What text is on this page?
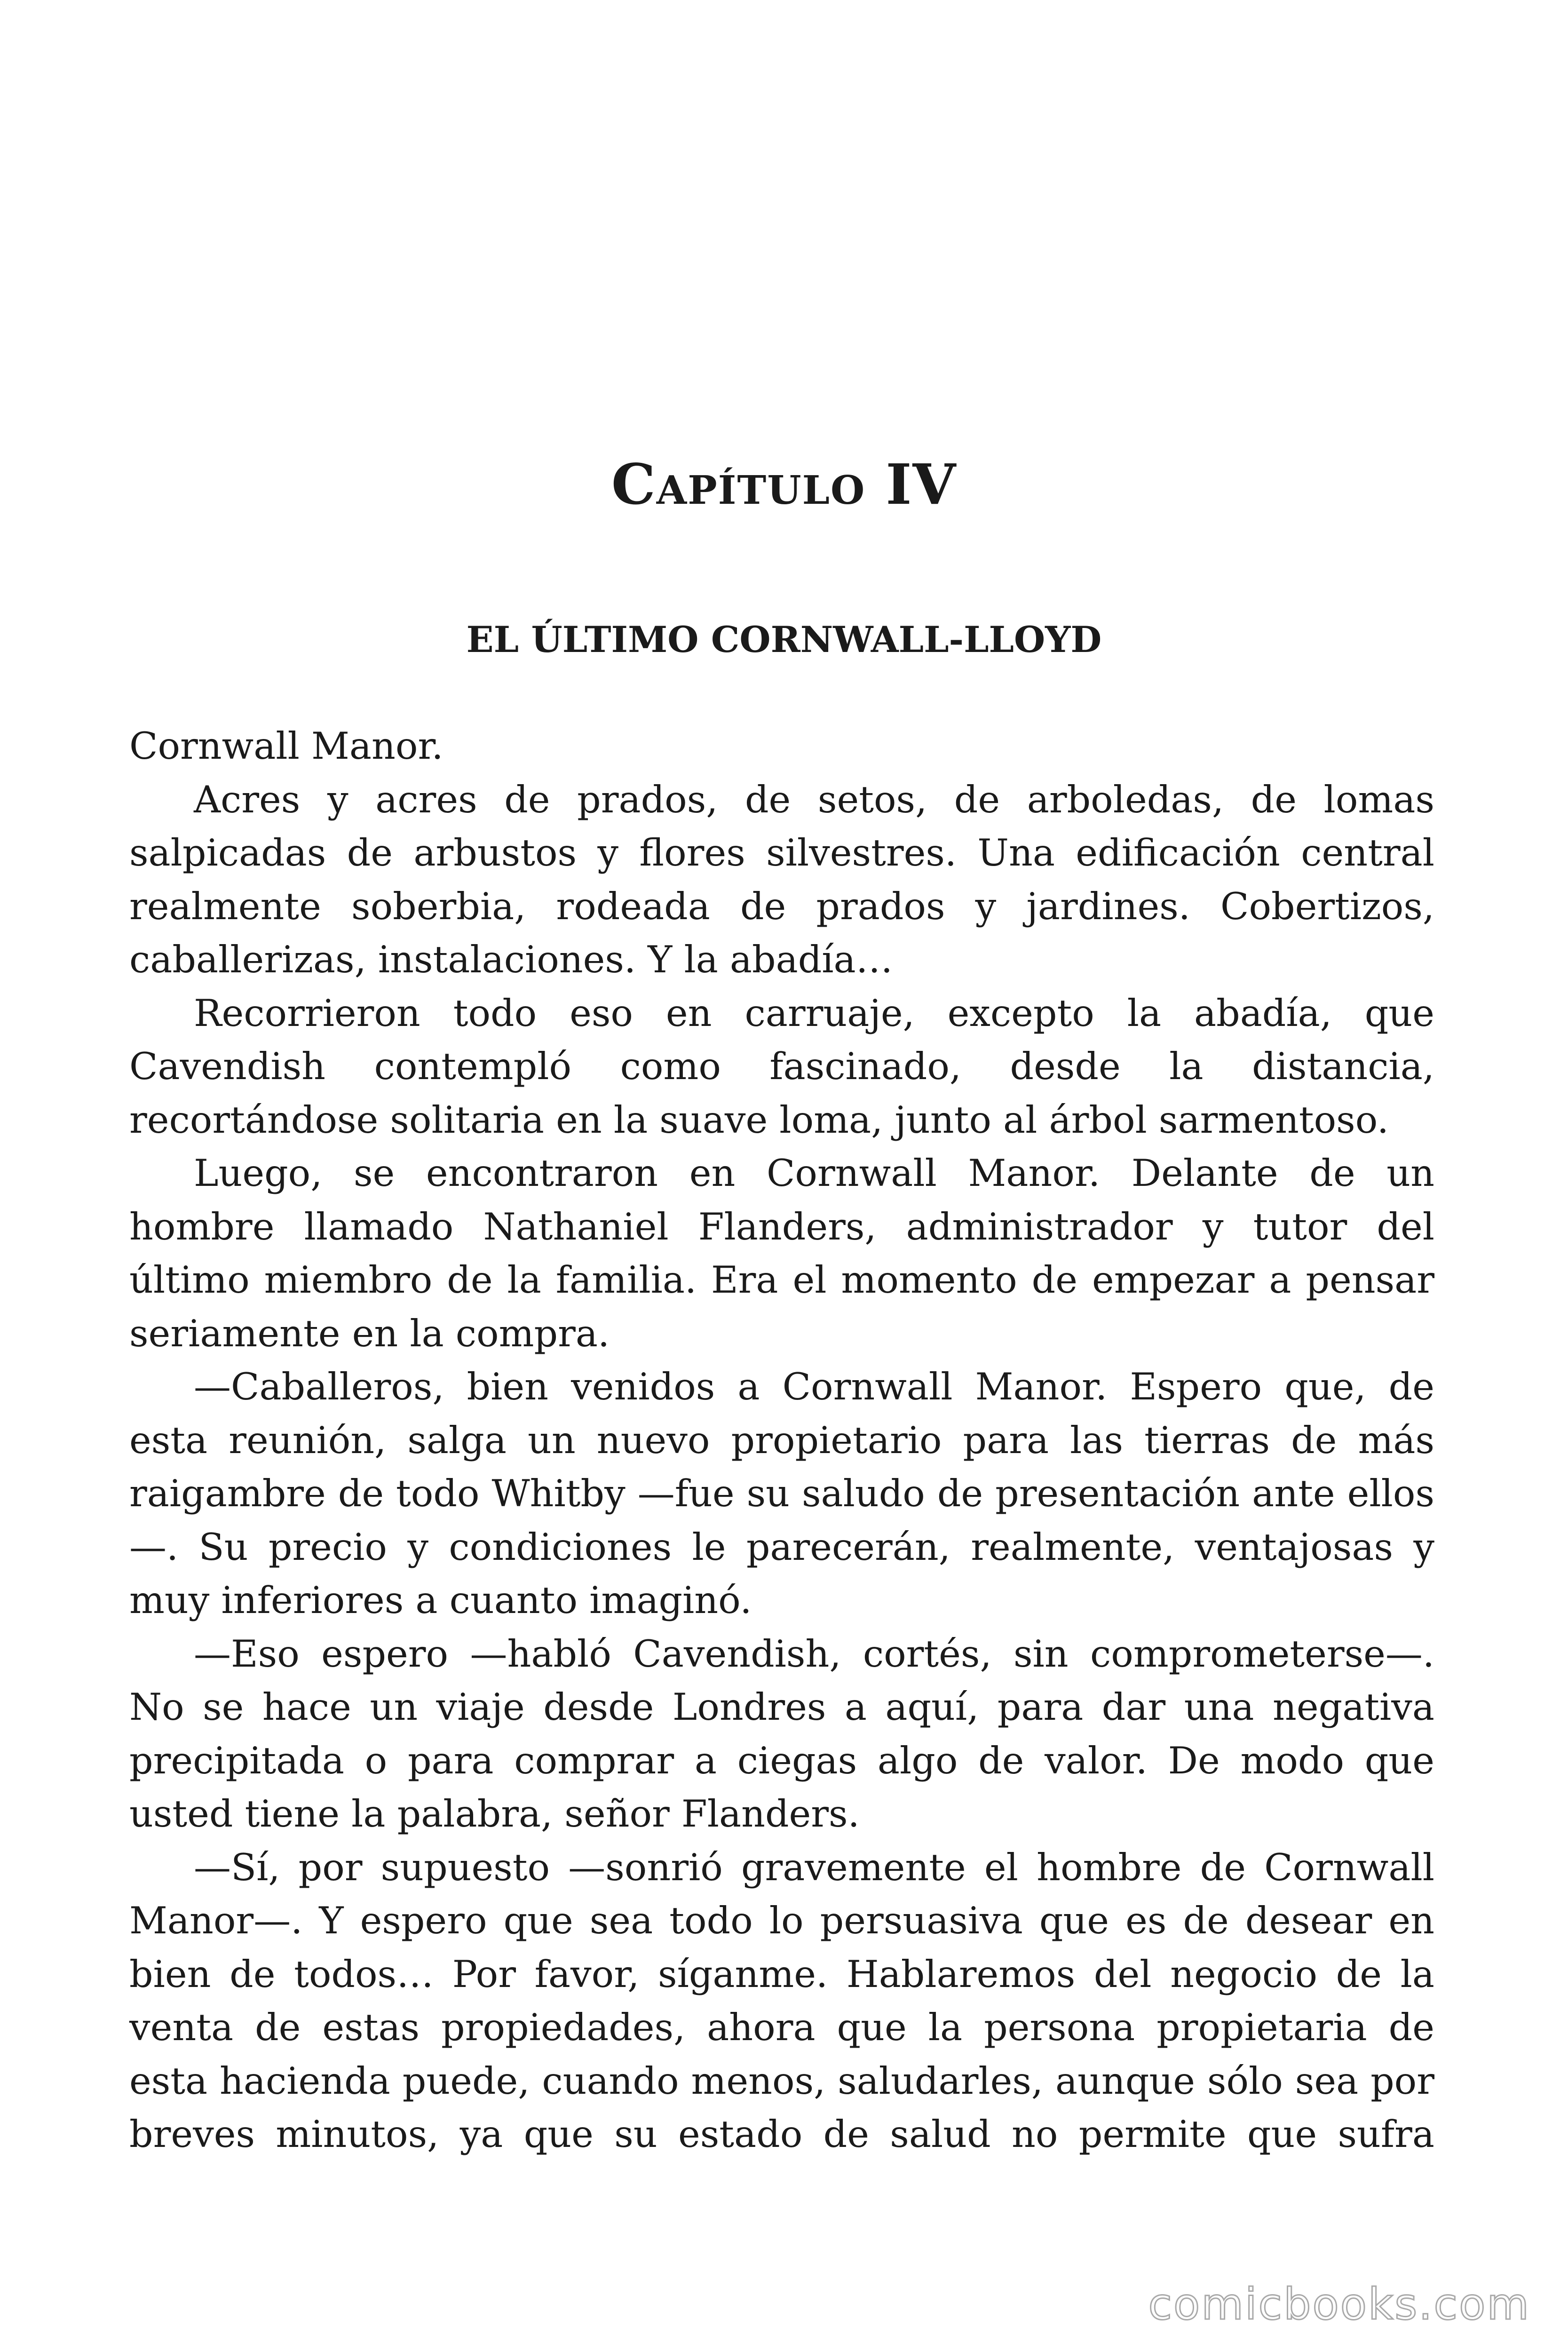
Capítulo IV
EL ÚLTIMO CORNWALL-LLOYD

Cornwall Manor.

Acres y acres de prados, de setos, de arboledas, de lomas salpicadas de arbustos y flores silvestres. Una edificación central realmente soberbia, rodeada de prados y jardines. Cobertizos, caballerizas, instalaciones. Y la abadía…

Recorrieron todo eso en carruaje, excepto la abadía, que Cavendish contempló como fascinado, desde la distancia, recortándose solitaria en la suave loma, junto al árbol sarmentoso.

Luego, se encontraron en Cornwall Manor. Delante de un hombre llamado Nathaniel Flanders, administrador y tutor del último miembro de la familia. Era el momento de empezar a pensar seriamente en la compra.

—Caballeros, bien venidos a Cornwall Manor. Espero que, de esta reunión, salga un nuevo propietario para las tierras de más raigambre de todo Whitby —fue su saludo de presentación ante ellos—. Su precio y condiciones le parecerán, realmente, ventajosas y muy inferiores a cuanto imaginó.

—Eso espero —habló Cavendish, cortés, sin comprometerse—. No se hace un viaje desde Londres a aquí, para dar una negativa precipitada o para comprar a ciegas algo de valor. De modo que usted tiene la palabra, señor Flanders.

—Sí, por supuesto —sonrió gravemente el hombre de Cornwall Manor—. Y espero que sea todo lo persuasiva que es de desear en bien de todos… Por favor, síganme. Hablaremos del negocio de la venta de estas propiedades, ahora que la persona propietaria de esta hacienda puede, cuando menos, saludarles, aunque sólo sea por breves minutos, ya que su estado de salud no permite que sufra

comicbooks.com
